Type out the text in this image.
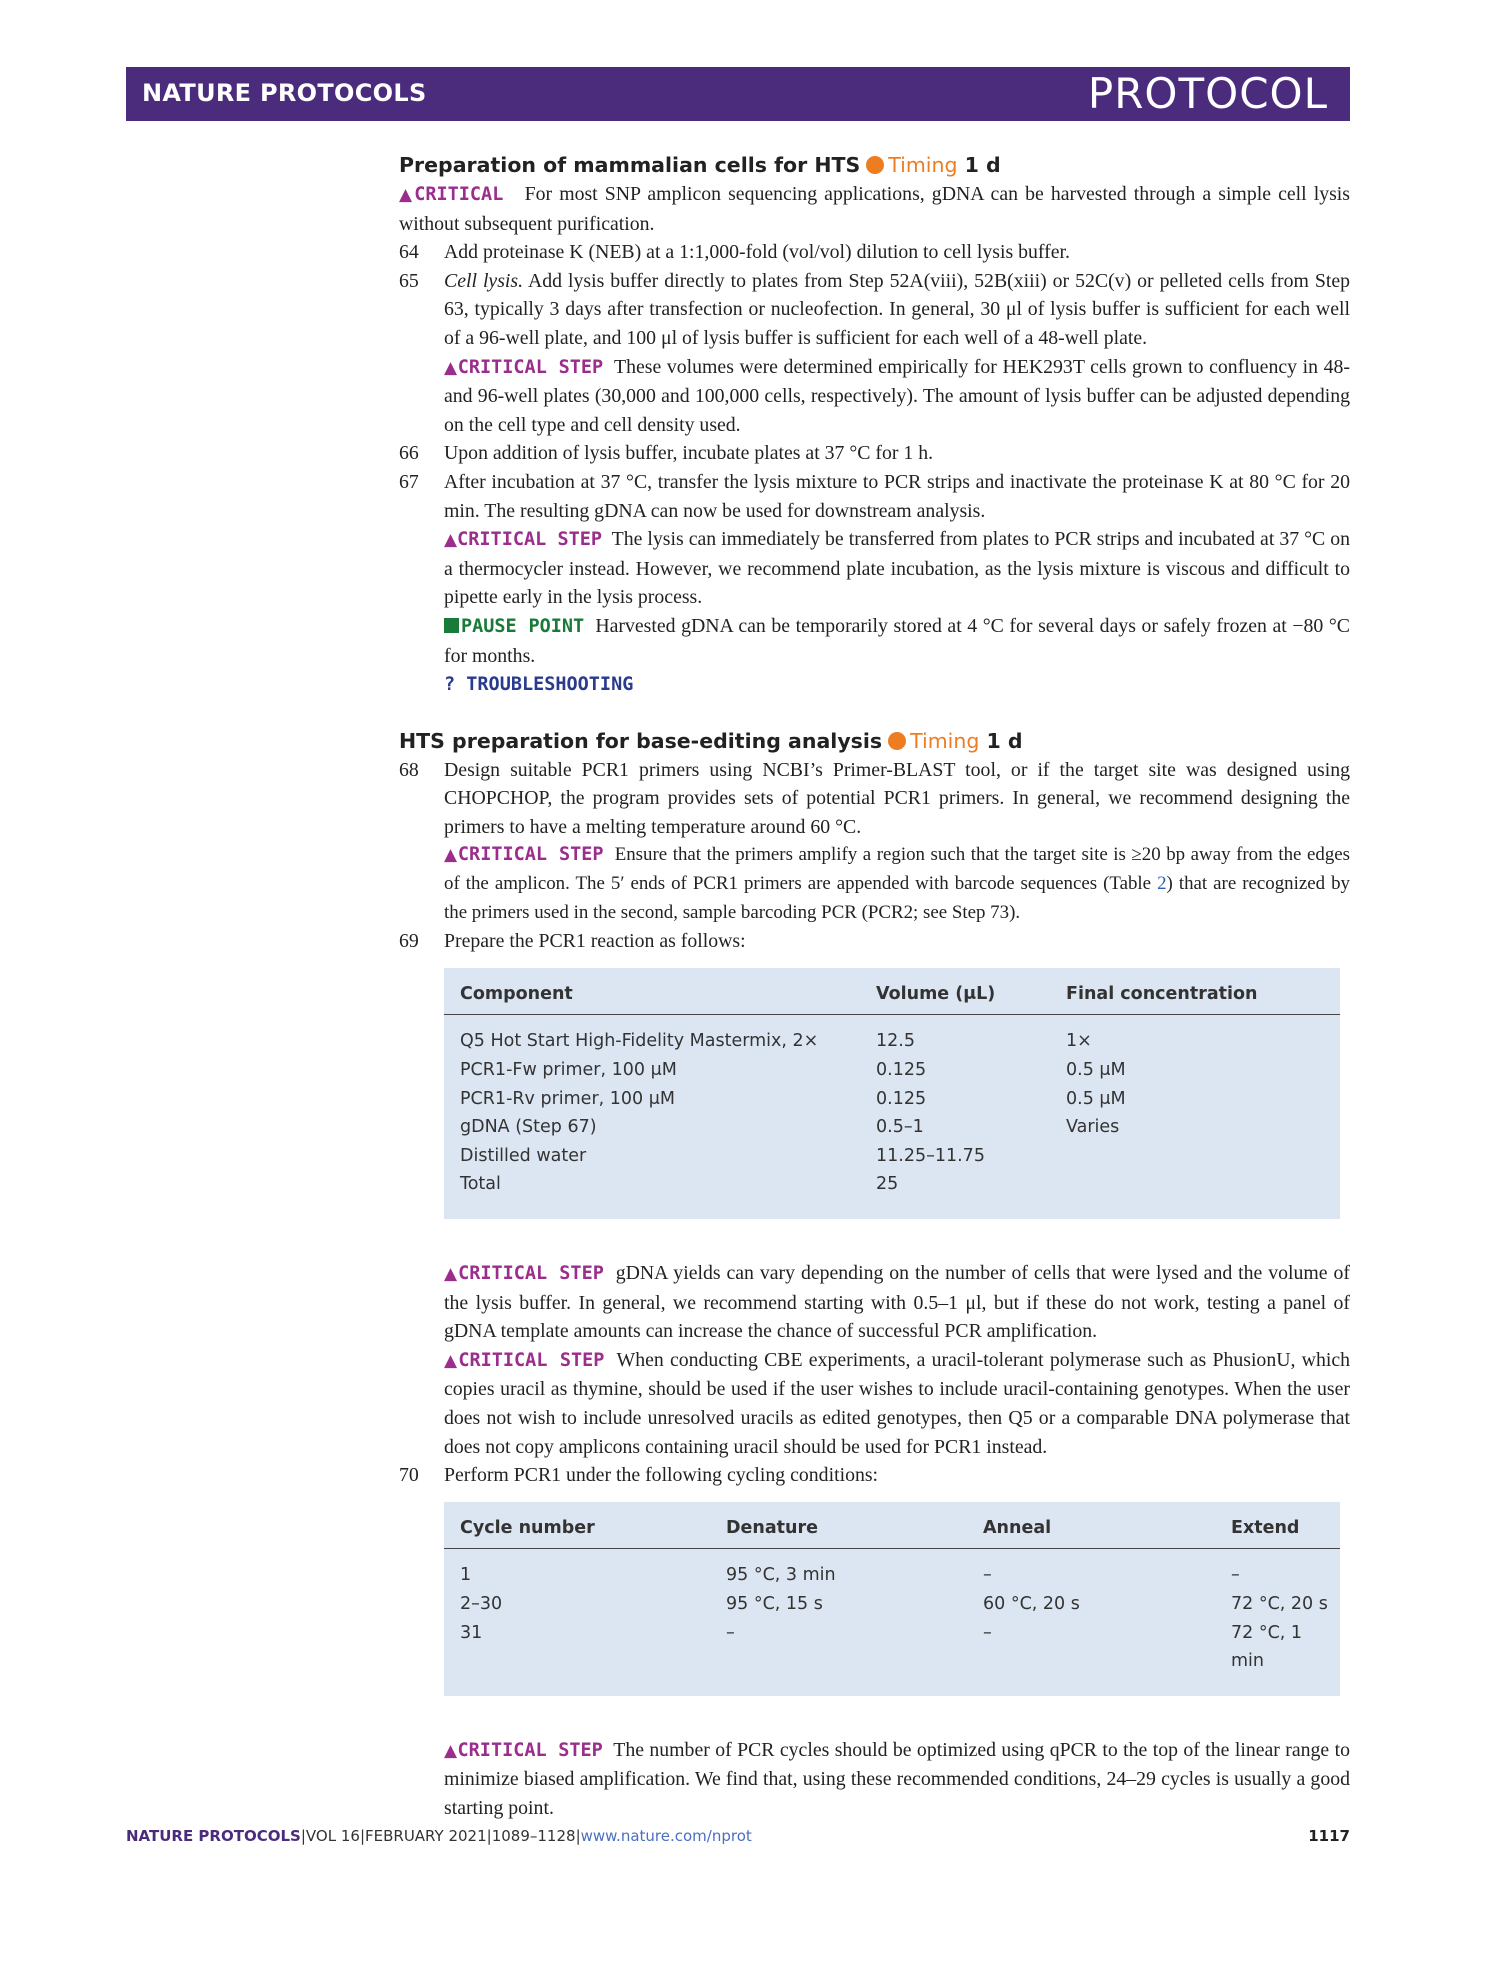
NATURE PROTOCOLS	PROTOCOL
Preparation of mammalian cells for HTS Timing 1 d

▲CRITICAL For most SNP amplicon sequencing applications, gDNA can be harvested through a simple cell lysis without subsequent purification.

64 Add proteinase K (NEB) at a 1:1,000-fold (vol/vol) dilution to cell lysis buffer.
65 Cell lysis. Add lysis buffer directly to plates from Step 52A(viii), 52B(xiii) or 52C(v) or pelleted cells from Step 63, typically 3 days after transfection or nucleofection. In general, 30 μl of lysis buffer is sufficient for each well of a 96-well plate, and 100 μl of lysis buffer is sufficient for each well of a 48-well plate.

▲CRITICAL STEP These volumes were determined empirically for HEK293T cells grown to confluency in 48- and 96-well plates (30,000 and 100,000 cells, respectively). The amount of lysis buffer can be adjusted depending on the cell type and cell density used.

66 Upon addition of lysis buffer, incubate plates at 37 °C for 1 h.
67 After incubation at 37 °C, transfer the lysis mixture to PCR strips and inactivate the proteinase K at 80 °C for 20 min. The resulting gDNA can now be used for downstream analysis.

▲CRITICAL STEP The lysis can immediately be transferred from plates to PCR strips and incubated at 37 °C on a thermocycler instead. However, we recommend plate incubation, as the lysis mixture is viscous and difficult to pipette early in the lysis process.

PAUSE POINT Harvested gDNA can be temporarily stored at 4 °C for several days or safely frozen at −80 °C for months.

? TROUBLESHOOTING

HTS preparation for base-editing analysis Timing 1 d
68 Design suitable PCR1 primers using NCBI’s Primer-BLAST tool, or if the target site was designed using CHOPCHOP, the program provides sets of potential PCR1 primers. In general, we recommend designing the primers to have a melting temperature around 60 °C.

▲CRITICAL STEP Ensure that the primers amplify a region such that the target site is ≥20 bp away from the edges of the amplicon. The 5′ ends of PCR1 primers are appended with barcode sequences (Table 2) that are recognized by the primers used in the second, sample barcoding PCR (PCR2; see Step 73).

69 Prepare the PCR1 reaction as follows:
Component	Volume (μL)	Final concentration
Q5 Hot Start High-Fidelity Mastermix, 2×	12.5	1×
PCR1-Fw primer, 100 μM	0.125	0.5 μM
PCR1-Rv primer, 100 μM	0.125	0.5 μM
gDNA (Step 67)	0.5–1	Varies
Distilled water	11.25–11.75	
Total	25	

▲CRITICAL STEP gDNA yields can vary depending on the number of cells that were lysed and the volume of the lysis buffer. In general, we recommend starting with 0.5–1 μl, but if these do not work, testing a panel of gDNA template amounts can increase the chance of successful PCR amplification.

▲CRITICAL STEP When conducting CBE experiments, a uracil-tolerant polymerase such as PhusionU, which copies uracil as thymine, should be used if the user wishes to include uracil-containing genotypes. When the user does not wish to include unresolved uracils as edited genotypes, then Q5 or a comparable DNA polymerase that does not copy amplicons containing uracil should be used for PCR1 instead.

70 Perform PCR1 under the following cycling conditions:
Cycle number	Denature	Anneal	Extend
1	95 °C, 3 min	–	–
2–30	95 °C, 15 s	60 °C, 20 s	72 °C, 20 s
31	–	–	72 °C, 1 min

▲CRITICAL STEP The number of PCR cycles should be optimized using qPCR to the top of the linear range to minimize biased amplification. We find that, using these recommended conditions, 24–29 cycles is usually a good starting point.

NATURE PROTOCOLS|VOL 16|FEBRUARY 2021|1089–1128|www.nature.com/nprot	1117
